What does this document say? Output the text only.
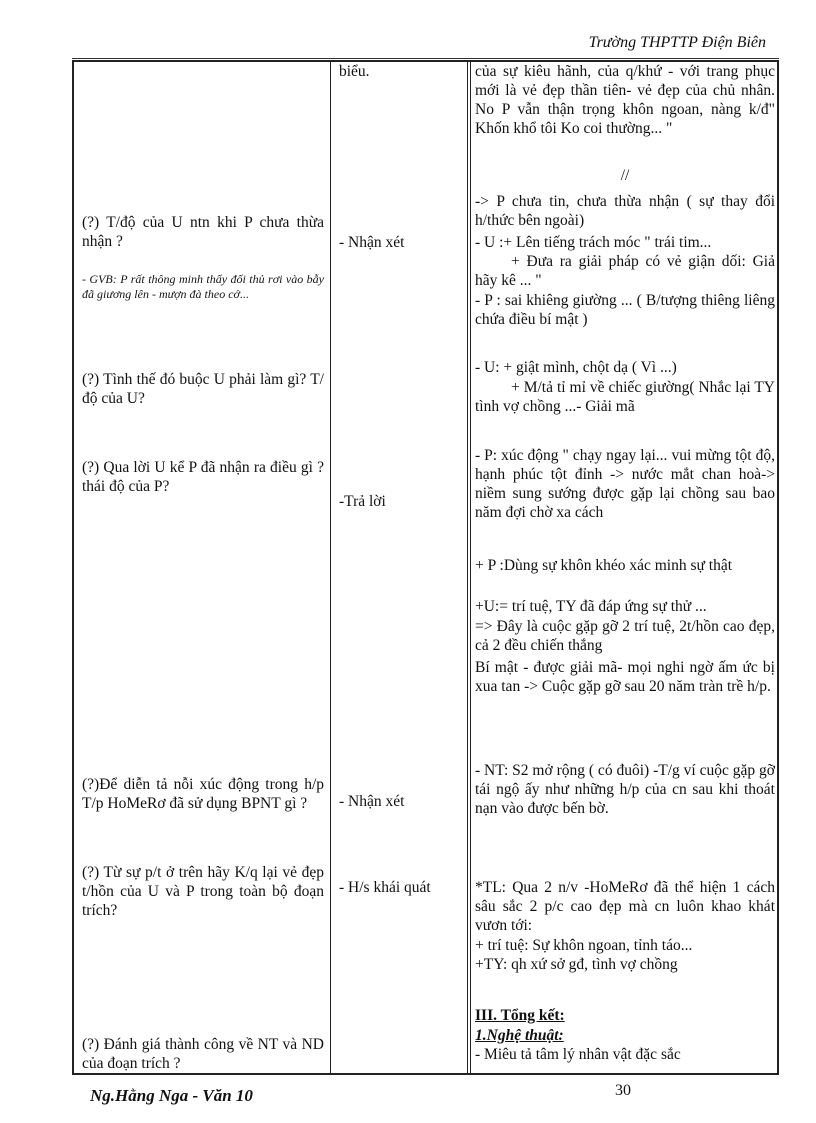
Trường THPTTP Điện Biên
(?) T/độ của U ntn khi P chưa thừa nhận ?
- GVB: P rất thông minh thấy đối thủ rơi vào bẫy đã giương lên - mượn đà theo cớ...
(?) Tình thế đó buộc U phải làm gì? T/độ của U?
(?) Qua lời U kể P đã nhận ra điều gì ? thái độ của P?
(?)Để diễn tả nỗi xúc động trong h/p T/p HoMeRơ đã sử dụng BPNT gì ?
(?) Từ sự p/t ở trên hãy K/q lại vẻ đẹp t/hồn của U và P trong toàn bộ đoạn trích?
(?) Đánh giá thành công về NT và ND của đoạn trích ?
biểu.
- Nhận xét
-Trả lời
- Nhận xét
- H/s khái quát
của sự kiêu hãnh, của q/khứ - với trang phục mới là vẻ đẹp thần tiên- vẻ đẹp của chủ nhân. No P vẫn thận trọng khôn ngoan, nàng k/đ" Khốn khổ tôi Ko coi thường... "
//
-> P chưa tin, chưa thừa nhận ( sự thay đổi h/thức bên ngoài)
- U :+ Lên tiếng trách móc " trái tim...
+ Đưa ra giải pháp có vẻ giận dối: Giả hãy kê ... "
- P : sai khiêng giường ... ( B/tượng thiêng liêng chứa điều bí mật )
- U: + giật mình, chột dạ ( Vì ...)
+ M/tả tỉ mỉ về chiếc giường( Nhắc lại TY tình vợ chồng ...- Giải mã
- P: xúc động " chạy ngay lại... vui mừng tột độ, hạnh phúc tột đỉnh -> nước mắt chan hoà-> niềm sung sướng được gặp lại chồng sau bao năm đợi chờ xa cách
+ P :Dùng sự khôn khéo xác minh sự thật
+U:= trí tuệ, TY đã đáp ứng sự thử ...
=> Đây là cuộc gặp gỡ 2 trí tuệ, 2t/hồn cao đẹp, cả 2 đều chiến thắng
Bí mật - được giải mã- mọi nghi ngờ ấm ức bị xua tan -> Cuộc gặp gỡ sau 20 năm tràn trề h/p.
- NT: S2 mở rộng ( có đuôi) -T/g ví cuộc gặp gỡ tái ngộ ấy như những h/p của cn sau khi thoát nạn vào được bến bờ.
*TL: Qua 2 n/v -HoMeRơ đã thể hiện 1 cách sâu sắc 2 p/c cao đẹp mà cn luôn khao khát vươn tới:
+ trí tuệ: Sự khôn ngoan, tỉnh táo...
+TY: qh xứ sở gđ, tình vợ chồng
III. Tổng kết:
1.Nghệ thuật:
- Miêu tả tâm lý nhân vật đặc sắc
Ng.Hằng Nga - Văn 10	30
